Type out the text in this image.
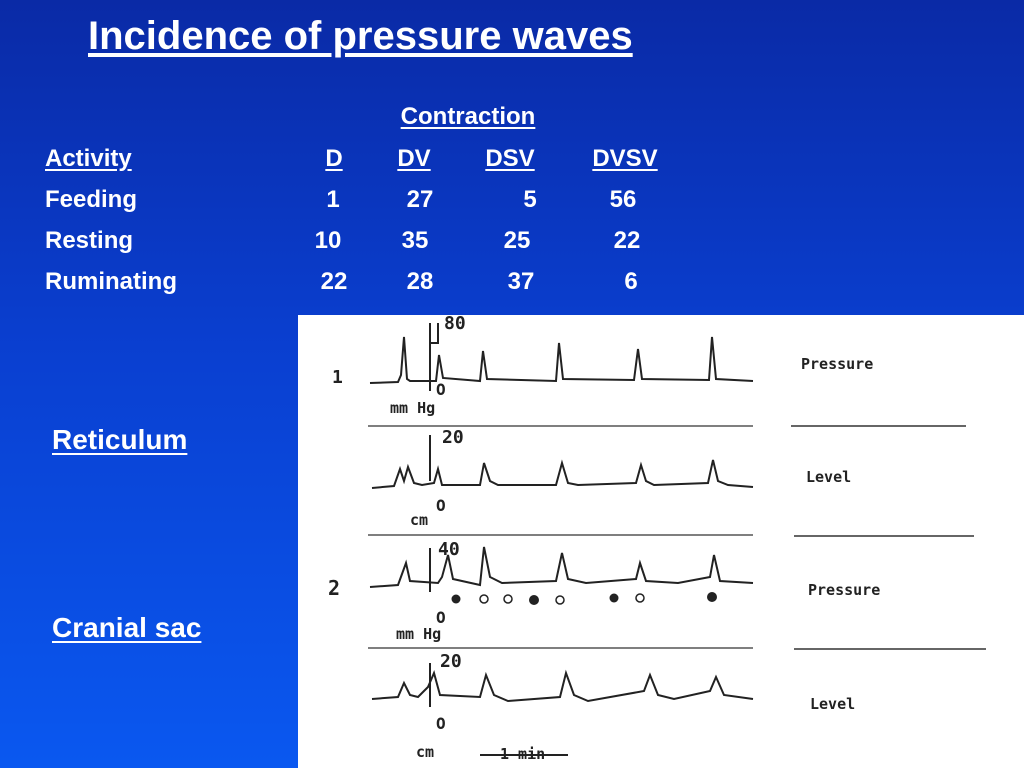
Incidence of pressure waves
Contraction
Activity	D DV DSV DVSV
Feeding	1	27	5	56
Resting	10	35	25	22
Ruminating	22 28	37	6
Reticulum
Cranial sac
1
2
80
20
40
20
O
O
O
O
mm Hg
cm
mm Hg
cm	1 min
Pressure
Level
Pressure
Level
